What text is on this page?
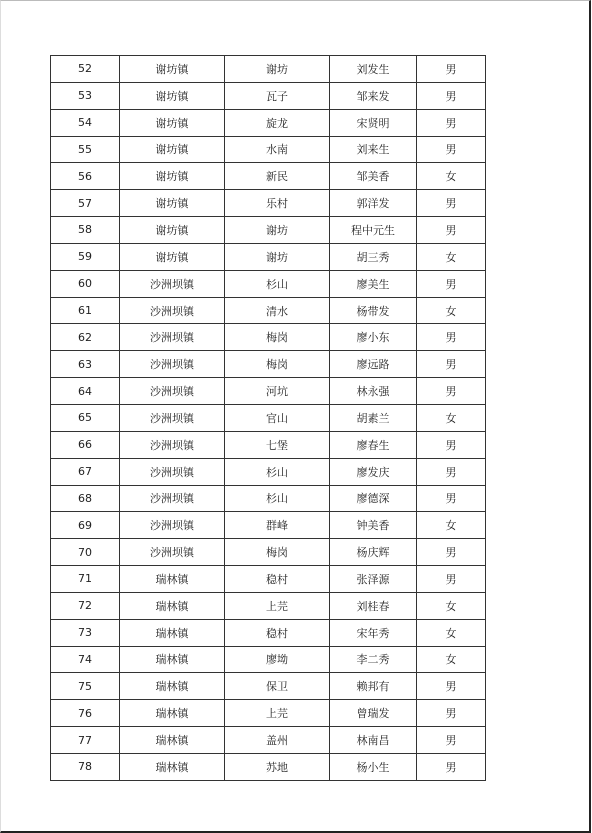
52	谢坊镇	谢坊	刘发生	男
53	谢坊镇	瓦子	邹来发	男
54	谢坊镇	旋龙	宋贤明	男
55	谢坊镇	水南	刘来生	男
56	谢坊镇	新民	邹美香	女
57	谢坊镇	乐村	郭洋发	男
58	谢坊镇	谢坊	程中元生	男
59	谢坊镇	谢坊	胡三秀	女
60	沙洲坝镇	杉山	廖美生	男
61	沙洲坝镇	清水	杨带发	女
62	沙洲坝镇	梅岗	廖小东	男
63	沙洲坝镇	梅岗	廖远路	男
64	沙洲坝镇	河坑	林永强	男
65	沙洲坝镇	官山	胡素兰	女
66	沙洲坝镇	七堡	廖春生	男
67	沙洲坝镇	杉山	廖发庆	男
68	沙洲坝镇	杉山	廖德深	男
69	沙洲坝镇	群峰	钟美香	女
70	沙洲坝镇	梅岗	杨庆辉	男
71	瑞林镇	稳村	张泽源	男
72	瑞林镇	上芫	刘桂春	女
73	瑞林镇	稳村	宋年秀	女
74	瑞林镇	廖坳	李二秀	女
75	瑞林镇	保卫	赖邦有	男
76	瑞林镇	上芫	曾瑞发	男
77	瑞林镇	盖州	林南昌	男
78	瑞林镇	苏地	杨小生	男
